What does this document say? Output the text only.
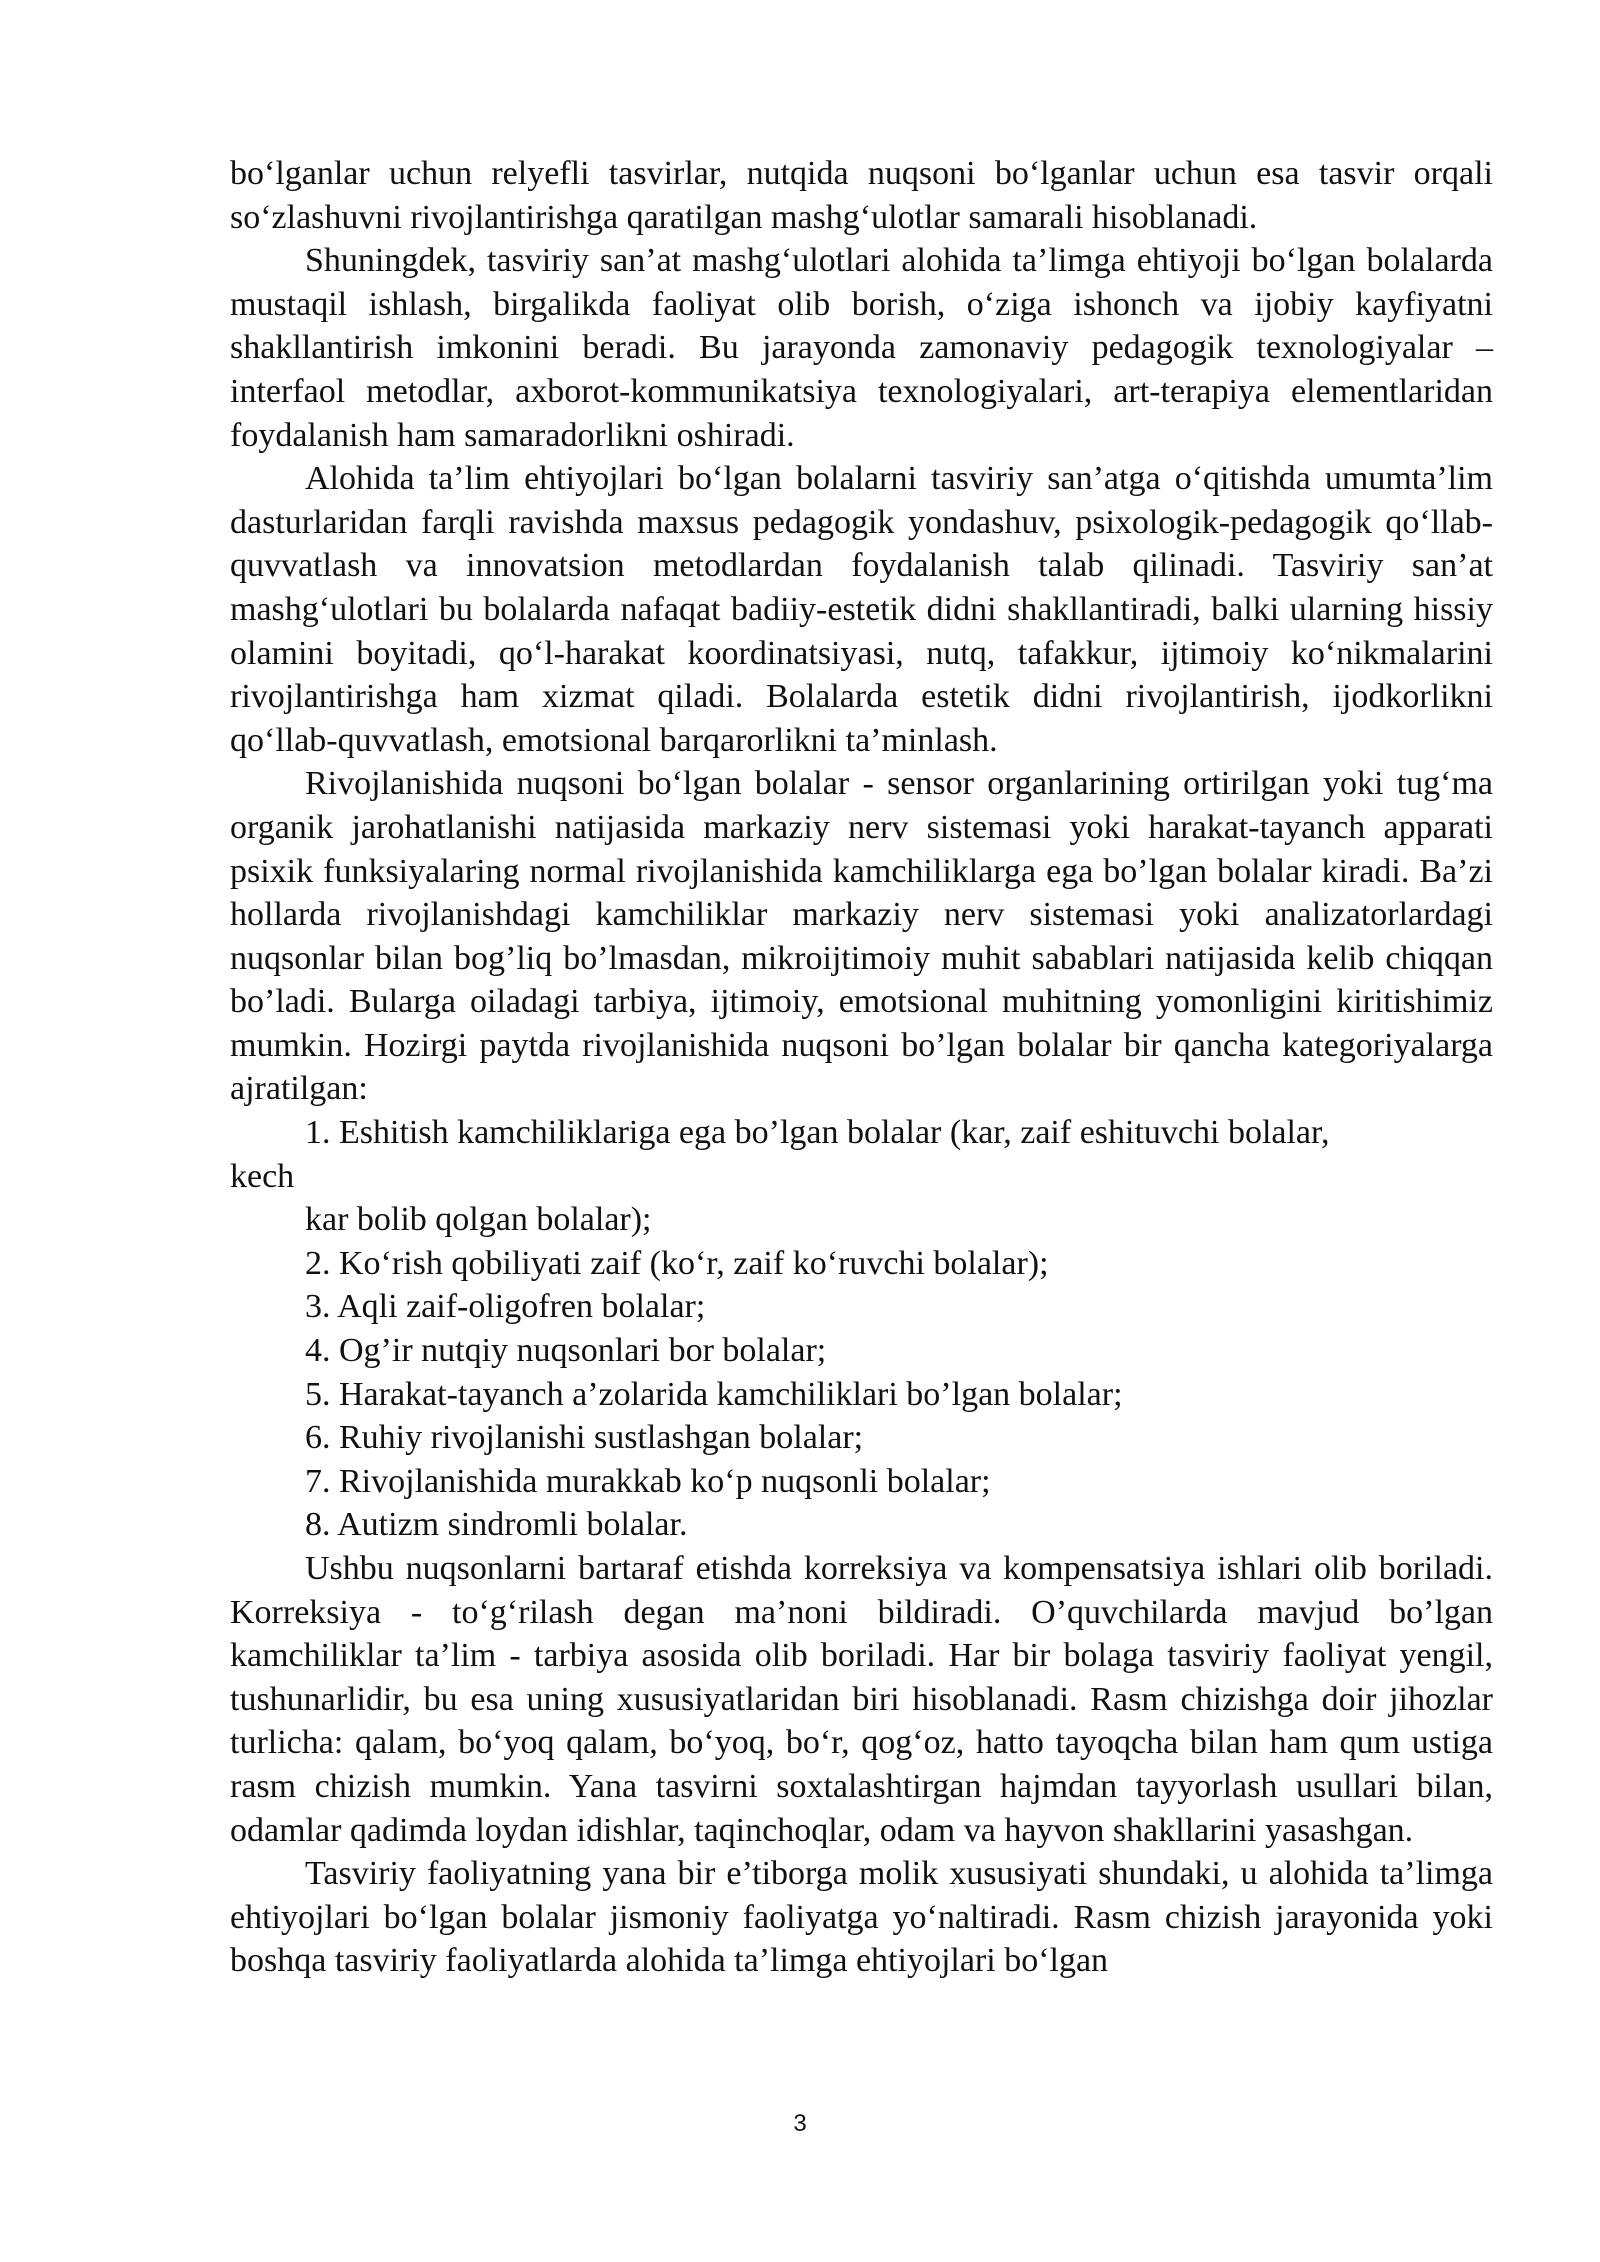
bo‘lganlar uchun relyefli tasvirlar, nutqida nuqsoni bo‘lganlar uchun esa tasvir orqali so‘zlashuvni rivojlantirishga qaratilgan mashg‘ulotlar samarali hisoblanadi.

Shuningdek, tasviriy san’at mashg‘ulotlari alohida ta’limga ehtiyoji bo‘lgan bolalarda mustaqil ishlash, birgalikda faoliyat olib borish, o‘ziga ishonch va ijobiy kayfiyatni shakllantirish imkonini beradi. Bu jarayonda zamonaviy pedagogik texnologiyalar – interfaol metodlar, axborot-kommunikatsiya texnologiyalari, art-terapiya elementlaridan foydalanish ham samaradorlikni oshiradi.

Alohida ta’lim ehtiyojlari bo‘lgan bolalarni tasviriy san’atga o‘qitishda umumta’lim dasturlaridan farqli ravishda maxsus pedagogik yondashuv, psixologik-pedagogik qo‘llab-quvvatlash va innovatsion metodlardan foydalanish talab qilinadi. Tasviriy san’at mashg‘ulotlari bu bolalarda nafaqat badiiy-estetik didni shakllantiradi, balki ularning hissiy olamini boyitadi, qo‘l-harakat koordinatsiyasi, nutq, tafakkur, ijtimoiy ko‘nikmalarini rivojlantirishga ham xizmat qiladi. Bolalarda estetik didni rivojlantirish, ijodkorlikni qo‘llab-quvvatlash, emotsional barqarorlikni ta’minlash.

Rivojlanishida nuqsoni bo‘lgan bolalar - sensor organlarining ortirilgan yoki tug‘ma organik jarohatlanishi natijasida markaziy nerv sistemasi yoki harakat-tayanch apparati psixik funksiyalaring normal rivojlanishida kamchiliklarga ega bo’lgan bolalar kiradi. Ba’zi hollarda rivojlanishdagi kamchiliklar markaziy nerv sistemasi yoki analizatorlardagi nuqsonlar bilan bog’liq bo’lmasdan, mikroijtimoiy muhit sabablari natijasida kelib chiqqan bo’ladi. Bularga oiladagi tarbiya, ijtimoiy, emotsional muhitning yomonligini kiritishimiz mumkin. Hozirgi paytda rivojlanishida nuqsoni bo’lgan bolalar bir qancha kategoriyalarga ajratilgan:

1. Eshitish kamchiliklariga ega bo’lgan bolalar (kar, zaif eshituvchi bolalar,

kech

kar bolib qolgan bolalar);

2. Ko‘rish qobiliyati zaif (ko‘r, zaif ko‘ruvchi bolalar);

3. Aqli zaif-oligofren bolalar;

4. Og’ir nutqiy nuqsonlari bor bolalar;

5. Harakat-tayanch a’zolarida kamchiliklari bo’lgan bolalar;

6. Ruhiy rivojlanishi sustlashgan bolalar;

7. Rivojlanishida murakkab ko‘p nuqsonli bolalar;

8. Autizm sindromli bolalar.

Ushbu nuqsonlarni bartaraf etishda korreksiya va kompensatsiya ishlari olib boriladi. Korreksiya - to‘g‘rilash degan ma’noni bildiradi. O’quvchilarda mavjud bo’lgan kamchiliklar ta’lim - tarbiya asosida olib boriladi. Har bir bolaga tasviriy faoliyat yengil, tushunarlidir, bu esa uning xususiyatlaridan biri hisoblanadi. Rasm chizishga doir jihozlar turlicha: qalam, bo‘yoq qalam, bo‘yoq, bo‘r, qog‘oz, hatto tayoqcha bilan ham qum ustiga rasm chizish mumkin. Yana tasvirni soxtalashtirgan hajmdan tayyorlash usullari bilan, odamlar qadimda loydan idishlar, taqinchoqlar, odam va hayvon shakllarini yasashgan.

Tasviriy faoliyatning yana bir e’tiborga molik xususiyati shundaki, u alohida ta’limga ehtiyojlari bo‘lgan bolalar jismoniy faoliyatga yo‘naltiradi. Rasm chizish jarayonida yoki boshqa tasviriy faoliyatlarda alohida ta’limga ehtiyojlari bo‘lgan

3
